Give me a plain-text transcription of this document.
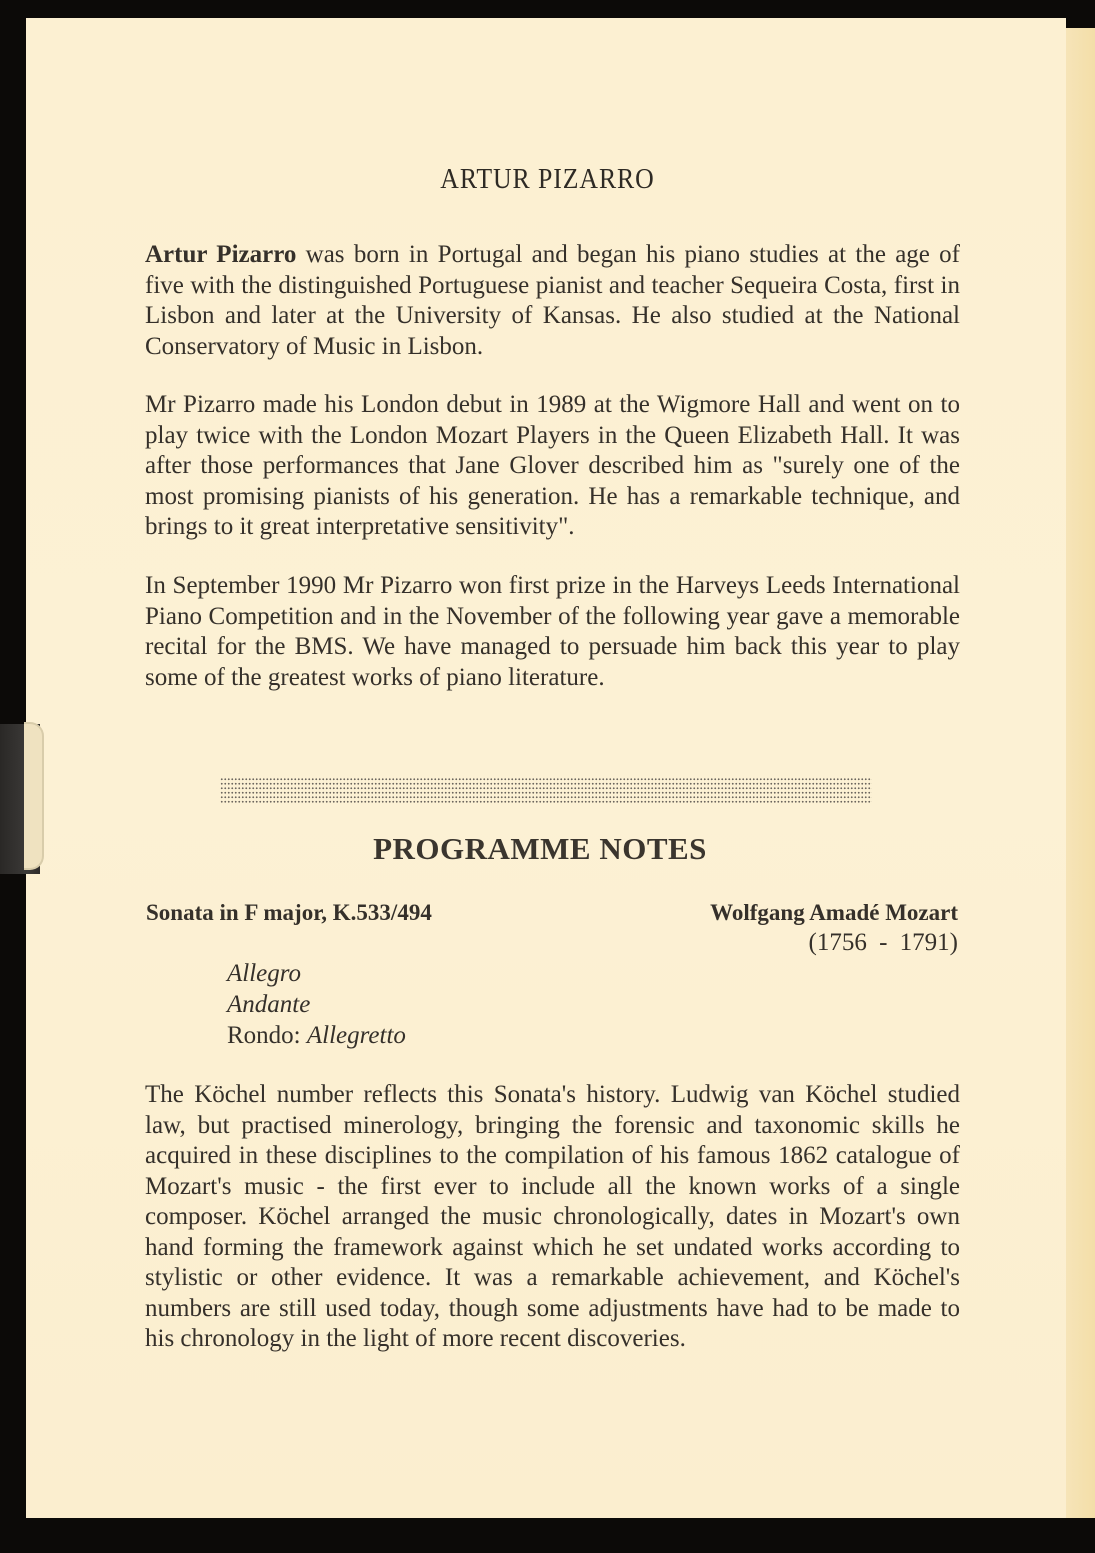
ARTUR PIZARRO

Artur Pizarro was born in Portugal and began his piano studies at the age of five with the distinguished Portuguese pianist and teacher Sequeira Costa, first in Lisbon and later at the University of Kansas. He also studied at the National Conservatory of Music in Lisbon.

Mr Pizarro made his London debut in 1989 at the Wigmore Hall and went on to play twice with the London Mozart Players in the Queen Elizabeth Hall. It was after those performances that Jane Glover described him as "surely one of the most promising pianists of his generation. He has a remarkable technique, and brings to it great interpretative sensitivity".

In September 1990 Mr Pizarro won first prize in the Harveys Leeds International Piano Competition and in the November of the following year gave a memorable recital for the BMS. We have managed to persuade him back this year to play some of the greatest works of piano literature.

PROGRAMME NOTES
Sonata in F major, K.533/494	Wolfgang Amadé Mozart
(1756 - 1791)
Allegro
Andante
Rondo: Allegretto

The Köchel number reflects this Sonata's history. Ludwig van Köchel studied law, but practised minerology, bringing the forensic and taxonomic skills he acquired in these disciplines to the compilation of his famous 1862 catalogue of Mozart's music - the first ever to include all the known works of a single composer. Köchel arranged the music chronologically, dates in Mozart's own hand forming the framework against which he set undated works according to stylistic or other evidence. It was a remarkable achievement, and Köchel's numbers are still used today, though some adjustments have had to be made to his chronology in the light of more recent discoveries.
